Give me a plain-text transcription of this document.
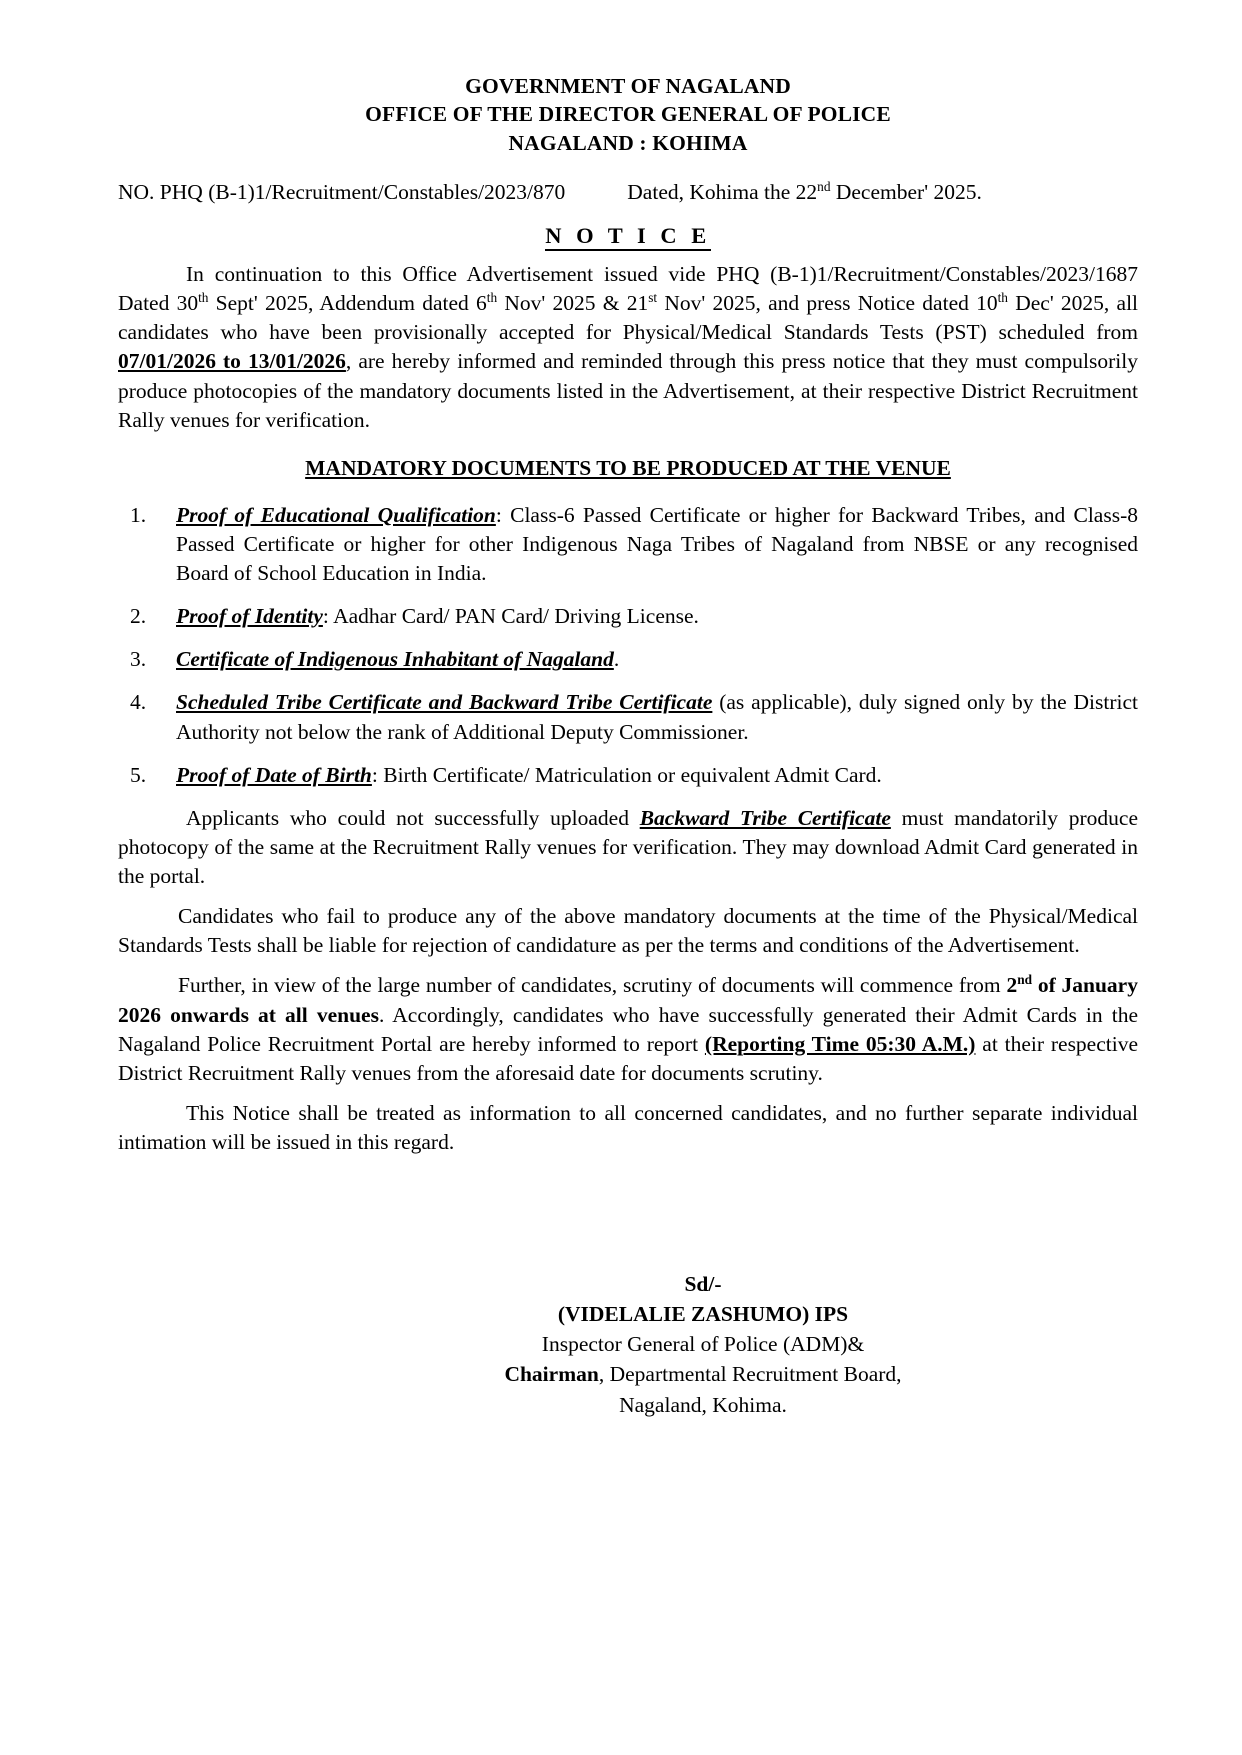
GOVERNMENT OF NAGALAND
OFFICE OF THE DIRECTOR GENERAL OF POLICE
NAGALAND : KOHIMA
NO. PHQ (B-1)1/Recruitment/Constables/2023/870	Dated, Kohima the 22nd December' 2025.
N O T I C E

In continuation to this Office Advertisement issued vide PHQ (B-1)1/Recruitment/Constables/2023/1687 Dated 30th Sept' 2025, Addendum dated 6th Nov' 2025 & 21st Nov' 2025, and press Notice dated 10th Dec' 2025, all candidates who have been provisionally accepted for Physical/Medical Standards Tests (PST) scheduled from 07/01/2026 to 13/01/2026, are hereby informed and reminded through this press notice that they must compulsorily produce photocopies of the mandatory documents listed in the Advertisement, at their respective District Recruitment Rally venues for verification.

MANDATORY DOCUMENTS TO BE PRODUCED AT THE VENUE
1.	Proof of Educational Qualification: Class-6 Passed Certificate or higher for Backward Tribes, and Class-8 Passed Certificate or higher for other Indigenous Naga Tribes of Nagaland from NBSE or any recognised Board of School Education in India.
2.	Proof of Identity: Aadhar Card/ PAN Card/ Driving License.
3.	Certificate of Indigenous Inhabitant of Nagaland.
4.	Scheduled Tribe Certificate and Backward Tribe Certificate (as applicable), duly signed only by the District Authority not below the rank of Additional Deputy Commissioner.
5.	Proof of Date of Birth: Birth Certificate/ Matriculation or equivalent Admit Card.

Applicants who could not successfully uploaded Backward Tribe Certificate must mandatorily produce photocopy of the same at the Recruitment Rally venues for verification. They may download Admit Card generated in the portal.

Candidates who fail to produce any of the above mandatory documents at the time of the Physical/Medical Standards Tests shall be liable for rejection of candidature as per the terms and conditions of the Advertisement.

Further, in view of the large number of candidates, scrutiny of documents will commence from 2nd of January 2026 onwards at all venues. Accordingly, candidates who have successfully generated their Admit Cards in the Nagaland Police Recruitment Portal are hereby informed to report (Reporting Time 05:30 A.M.) at their respective District Recruitment Rally venues from the aforesaid date for documents scrutiny.

This Notice shall be treated as information to all concerned candidates, and no further separate individual intimation will be issued in this regard.

Sd/-
(VIDELALIE ZASHUMO) IPS
Inspector General of Police (ADM)&
Chairman, Departmental Recruitment Board,
Nagaland, Kohima.
